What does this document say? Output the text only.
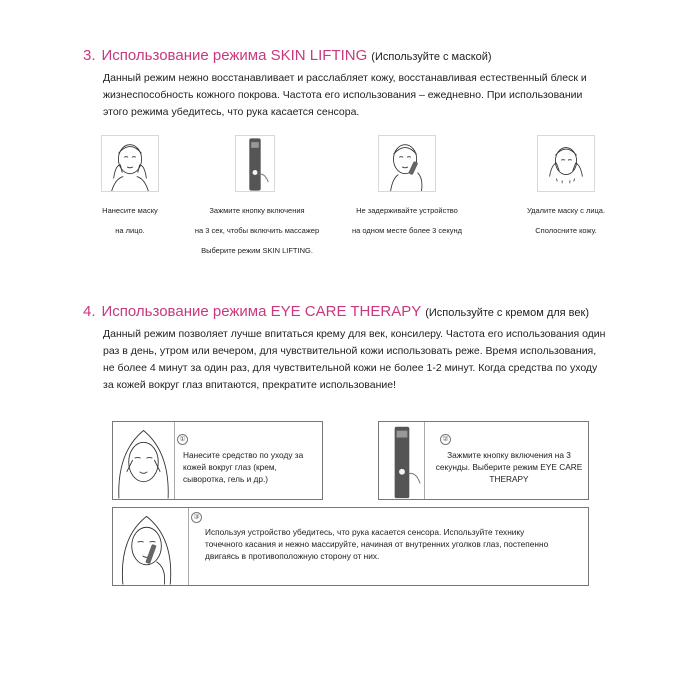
3. Использование режима SKIN LIFTING (Используйте с маской)
Данный режим нежно восстанавливает и расслабляет кожу, восстанавливая естественный блеск и
жизнеспособность кожного покрова. Частота его использования – ежедневно. При использовании
этого режима убедитесь, что рука касается сенсора.
Нанесите маску
на лицо.
Зажмите кнопку включения
на 3 сек, чтобы включить массажер
Выберите режим SKIN LIFTING.
Не задерживайте устройство
на одном месте более 3 секунд
Удалите маску с лица.
Сполосните кожу.
4. Использование режима EYE CARE THERAPY (Используйте с кремом для век)
Данный режим позволяет лучше впитаться крему для век, консилеру. Частота его использования один
раз в день, утром или вечером, для чувствительной кожи использовать реже. Время использования,
не более 4 минут за один раз, для чувствительной кожи не более 1-2 минут. Когда средства по уходу
за кожей вокруг глаз впитаются, прекратите использование!
①
Нанесите средство по уходу за
кожей вокруг глаз (крем,
сыворотка, гель и др.)
②
Зажмите кнопку включения на 3
секунды. Выберите режим EYE CARE
THERAPY
③
Используя устройство убедитесь, что рука касается сенсора. Используйте технику
точечного касания и нежно массируйте, начиная от внутренних уголков глаз, постепенно
двигаясь в противоположную сторону от них.
